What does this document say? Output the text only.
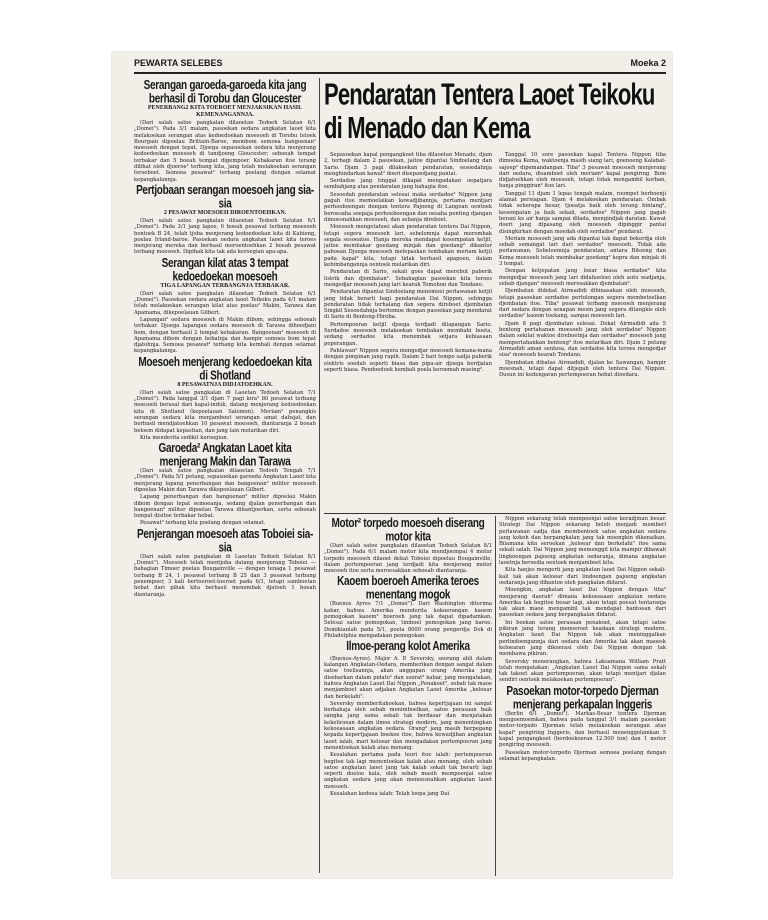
PEWARTA SELEBES	Moeka 2
Serangan garoeda-garoeda kita jang berhasil di Torobu dan Gloucester
PENERBANG2 KITA TOEROET MENJAKSIKAN HASIL KEMENANGANNJA.

(Dari salah satoe pangkalan dilaoetan Tedoeh Selatan 6/1 „Domei"). Pada 3/1 malam, pasoekan oedara angkatan laoet kita melakoekan serangan atas kedoedoekan moesoeh di Torobu teloek Bourgain dipoelau Brittain-Baroe, membom semoea bangoenan² moesoeh dengan tepat. Djoega sepasoekan oedara kita menjerang kedoedoekan moesoeh di tandjoeng Gloucester; seboeah tempat terbakar dan 5 boeah tempat digempoer. Kebakaran itoe terang dilihat oleh djoeroe² terbang kita, jang telah melakoekan serangan terseboet. Semoea pesawat² terbang poelang dengan selamat kepangkalannja.

Pertjobaan serangan moesoeh jang sia-sia
2 PESAWAT MOESOEH DIROENTOEHKAN.

(Dari salah satoe pangkalan dilaoetan Tedoeh Selatan 6/1 „Domei"). Pada 3/1 jang lapoe, 6 boeah pesawat terbang moesoeh bentoek B 24, telah tjoba menjerang kedoedoekan kita di Kabieng, poelau Irland-baroe. Pasoekan oedara angkatan laoet kita teroes menjerang mereka dan berhasil meroentoehkan 2 boeah pesawat terbang moesoeh. Dipihak kita tak ada keroegian apa-apa.

Serangan kilat atas 3 tempat kedoedoekan moesoeh
TIGA LAPANGAN TERBANGNJA TERBAKAR.

(Dari salah satoe pangkalan dilaoetan Tedoeh Selatan 6/1 „Domei"). Pasoekan oedara angkatan laoet Teikoku pada 4/1 malam telah melakoekan serangan kilat atas poelau² Makin, Tarawa dan Apamama, dikepoelauan Gilbert.

Lapangan² oedara moesoeh di Makin dibom, sehingga seboeah terbakar. Djoega lapangan oedara moesoeh di Tarawa dihoedjani bom, dengan berhasil 2 tempat kebakaran. Bangoenan² moesoeh di Apamama dibom dengan hebatnja dan hampir semoea bom tepat djatohnja. Semoea pesawat² terbang kita kembali dengan selamat kepangkalannja.

Moesoeh menjerang kedoedoekan kita di Shotland
8 PESAWATNJA DIDJATOEHKAN.

(Dari salah satoe pangkalan di Laoetan Tedoeh Selatan 7/1 „Domei"). Pada tanggal 3/1 djam 7 pagi kira² 80 pesawat terbang moesoeh berasal dari kapal-induk, datang menjerang kedoedoekan kita di Shotland (kepoelauan Salomon). Meriam² penangkis serangan oedara kita menjamboet serangan amat dahsjat, dan berhasil mendjatoehkan 10 pesawat moesoeh, diantaranja 2 boeah beloem didapat kepastian, dan jang lain melarikan diri.

Kita menderita sedikit keroegian.

Garoeda² Angkatan Laoet kita menjerang Makin dan Tarawa

(Dari salah satoe pangkalan dilaoetan Tedoeh Tengah 7/1 „Domei"). Pada 5/1 petang, sepasoekan garoeda Angkatan Laoet kita menjerang lapang penerbangan dan bangoenan² militer moesoeh dipoelau Makin dan Tarawa dikepoelauan Gilbert.

Lapang penerbangan dan bangoenan² militer dipoelau Makin dibom dengan tepat semoeanja, sedang djalan penerbangan dan bangoenan² militer dipoelau Tarawa dihantjoerkan, serta seboeah tempat disitoe terbakar hebat.

Pesawat² terbang kita poelang dengan selamat.

Penjerangan moesoeh atas Toboiei sia-sia

(Dari salah satoe pangkalan di Laoetan Tedoeh Selatan 8/1 „Domei"). Moesoeh telah mentjoba datang menjerang Toboiei — bahagian Timoer poelau Bougainville — dengan tenaga 1 pesawat terbang B 24, 1 pesawat terbang B 25 dan 3 pesawat terbang penempoer, 3 kali bertoeroet-toeroet pada 6/1, tetapi samboetan hebat dari pihak kita berhasil menembak djatoeh 1 boeah diantaranja.

Pendaratan Tentera Laoet Teikoku di Menado dan Kema

Sepasoekan kapal pengangkoet tiba dilaoetan Menado, djam 2, terbagi dalam 2 pasoekan, jaitoe dipantai Sindoelang dan Sario. Djam 3 pagi dilakoekan pendaratan, sesoedahnja menghindarkan kawat² doeri disepandjang pantai.

Serdadoe jang tinggal dikapal mengadakan oepatjara sembahjang atas pendaratan jang bahagia itoe.

Sesoedah pendaratan selesai maka serdadoe² Nippon jang gagah itoe memoelaikan kewadjibannja, pertama mentjari perhoeboengan dengan tentera Pajoeng di Langoan oentoek beroesaha soepaja perhoeboengan dan oesaha penting djangan dimoesnahkan moesoeh, dan sebanja direboet.

Moesoeh mengetahoei akan pendaratan tentera Dai Nippon, tetapi segera moesoeh lari, sebelomnja dapat merombak segala sesoeatoe. Hanja mereka mendapat kesempatan ketjil, jaitoe membakar goedang minjak dan goedang² dikantor paboean Djoega moesoeh melepaskan tembakan meriam ketjil pada kapal² kita, tetapi tidak berhasil apapoen, dalam kebimbangannja oentoek melarikan diri.

Pendaratan di Sario, sekali goes dapat merebut paberik listrik dan djembatan². Sebahagian pasoekan kita teroes mengedjar moesoeh jang lari kearah Tomohon dan Tondano.

Pendaratan dipantai Sindoelang menemoei perlawanan ketjil jang tidak berarti bagi pendaratan Dai Nippon, sehingga pendaratan tidak terhalang dan segera direboet djembatan Singkil Sesoedahnja bertemoe dengan pasoekan jang mendarat di Sario di Benteng-Hiroba.

Pertempoeran ketjil djoega terdjadi dilapangan Sario. Serdadoe moesoeh melakoekan tembakan membabi boeta, sedang serdadoe kita menembak setjara kebiasaan peperangan.

Pahlawan² Nippon segera mengedjar moesoeh kemana-mana dengan pimpinan jang rapih. Dalam 2 hari tempo sadja paberik elektris soedah seperti biasa dan pipa-air djoega berdjalan seperti biasa. Pendoedoek kembali poela keroemah masing².

Tanggal 10 sore pasoekan kapal Tentera Nippon tiba dimoeka Kema, waktoenja masih siang lari, goenoeng Kalabat-sajoep² dipemandangan. Tiba² 3 pesawat moesoeh menjerang dari oedara, disamboet oleh meriam² kapal pengiring. Bom didjatoehkan oleh moesoeh, tetapi tidak mengambil korban, hanja pinggiran² itoe lari.

Tanggal 11 djam 1 lepas tengah malam, roompet berboenji alamat persiapan. Djam 4 melakoekan pendaratan. Ombak tidak seberapa besar, tjoeatja baik oleh terang bintang², kesempatan ja baik sekali, serdadoe² Nippon jang gagah berani ke air hanja sampai dilada, mengindjak daratan. Kawat doeri jang dipasang oleh moesoeh dipinggir pantai disingkirkan dengan moedah oleh serdadoe² pendarat.

Meriam moesoeh jang ada dipantai tak dapat bekerdja oleh sebab semangat lari dari serdadoe² moesoeh. Tidak ada perlawanan. Sebeloemnja pendaratan, antara Bitoeng dan Kema moesoeh telah membakar goedang² kopra dan minjak di 3 tempat.

Dengan ketjepatan jang loear biasa serdadoe² kita mengedjar moesoeh jang lari didahoeloei oleh auto wadjanja, sebab djangan² moesoeh merosakkan djembatan².

Djembatan didekat Airmadidi dihinasakan oleh moesoeh, tetapi pasoekan serdadoe pertolongan segera membetoelkan djembatan itoe. Tiba² pesawat terbang moesoeh menjerang dari oedara dengan senapan mesin jang segera ditangkis oleh serdadoe² kaoem toekang, sampai moesoeh lari.

Djam 8 pagi djembatan selesai. Dekat Airmadidi ada 5 benteng pertahanan moesoeh jang oleh serdadoe² Nippon dalam sekilat waktoe direboetnja dan serdadoe² moesoeh jang mempertahankan benteng² itoe melarikan diri. Djam 3 petang Airmadidi aman sentosa, dan serdadoe kita teroes mengedjar sisa² moesoeh kearah Tondano.

Djembatan dibatas Airmadidi, djalan ke Sawangan, hampir moesnah, tetapi dapat ditjegah oleh tentera Dai Nippon. Dusun ini kedengaran pertempoeran hebat dioedara.

Motor² torpedo moesoeh diserang motor kita

(Dari salah satoe pangkalan dilaoetan Tedoeh Selatan 8/1 „Domei"). Pada 6/1 malam motor kita mendjoempai 4 motor torpedo moesoeh dilaoet dekat Toboiei dipoelau Bougainville, dalam pertempoeran jang terdjadi kita menjerang motor moesoeh itoe serta meroesakkan seboeah diantaranja.

Kaoem boeroeh Amerika teroes menentang mogok

(Buenos Ayres 7/1 „Domei"). Dari Washington diterima kabar, bahwa Amerika menderita kekoerangan kaoem pemogokan kaoem² boeroeh jang tak dapat dipadamkan. Selesai satoe pemogokan, timboel pemogokan jang baroe. Demikianlah pada 5/1, poela 8000 orang pengerdja Dok di Philadelphia mengadakan pemogokan.

Ilmoe-perang kolot Amerika

(Buenos-Ayres). Major A. P. Seversky, seorang ahli dalam kalangan Angkatan-Oedara, memberikan dengan sangat dalam satoe toelisannja, akan anggapan orang Amerika jang disebarkan dalam pidato² dan soerat² kabar, jang mengatakan, bahwa Angkatan Laoet Dai Nippon „Penakoet", sebab tak maoe menjamboet akan adjakan Angkatan Laoet Amerika „keloear dan berkelahi".

Seversky memberitahoekan, bahwa kepertjajaan ini sangat berbahaja oleh sebab menimboelkan, satoe perasaan baik sangka jang sama sekali tak berdasar dan menjatakan kekeliroean dalam ilmoe strategi modern, jang menentingkan kekoeasaan angkatan oedara. Orang² jang masih berpegang kepada kepertjajaan boekoe itoe, bahwa kewadjiban angkatan laoet ialah, mari keloear dan mengadakan pertempoeran jang menentoekan kalah atau menang.

Kesalahan pertama pada teori itoe ialah: pertempoeran begitoe tak lagi menentoekan kalah atau menang, oleh sebab satoe angkatan laoet jang tak kalah sekali tak berarti lagi seperti doeloe kala, oleh sebab masih mempoenjai satoe angkatan oedara jang akan menoesnahkan angkatan laoet moesoeh.

Kesalahan kedoea ialah: Telah loepa jang Dai

Nippon sekarang telah mempoenjai satoe keradjinan besar. Strategi Dai Nippon sekarang boleh menjadi memberi perlawanan sadja dan membentoek satoe angkatan oedara jang kokoh dan berpangkalan jang tak moengkin dikenaikan. Bilamana kita seroekan „keloear dan berkelahi" itoe sama sekali salah. Dai Nippon jang memenggil kita mampir dibawah lingkoengan pajoeng angkatan oedaranja, dimana angkatan laoetnja bersedia oentoek menjamboet kita.

Kita hanjes mengerti jang angkatan laoet Dai Nippon sekali-kali tak akan keloear dari lindoengan pajoeng angkatan oedaranja jang dibantoe oleh pangkalan didarat.

Moengkin, angkatan laoet Dai Nippon dengan tiba² menjerang daerah² dimana kekoeasaan angkatan oedara Amerika tak begitoe besar lagi, akan tetapi poesat tentaranja tak akan maoe mengambil tak mendapat bantoean dari pasoekan oedara jang berpangkalan didarat.

Ini boekan satoe perasaan penakoet, akan tetapi satoe pikiran jang terang menoeroet keadaan strategi modern. Angkatan laoet Dai Nippon tak akan meninggalkan perlindoengannja dari oedara dan Amerika tak akan maoesk keloearan jang dikoerasi oleh Dai Nippon dengan tak membawa pikiran.

Seversky menerangkan, bahwa Laksamana William Pratt telah mengatakan: „Angkatan Laoet Dai Nippon sama sekali tak takoet akan pertempoeran, akan tetapi mentjari djalan sendiri oentoek melakoekan pertempoeran".

Pasoekan motor-torpedo Djerman menjerang perkapalan Inggeris

(Berlin 6/1 „Domei"). Markas-Besar tentera Djerman mengoemoemkan, bahwa pada tanggal 3/1 malam pasoekan motor-torpedo Djerman telah melakoekan serangan atas kapal² pengiring Inggeris, dan berhasil menenggelamkan 5 kapal pengangkoet (berdoekoeran 12.500 ton) dan 1 motor pengiring moesoeh.

Pasoekan motor-torpedo Djerman semoea poelang dengan selamat kepangkalan.
